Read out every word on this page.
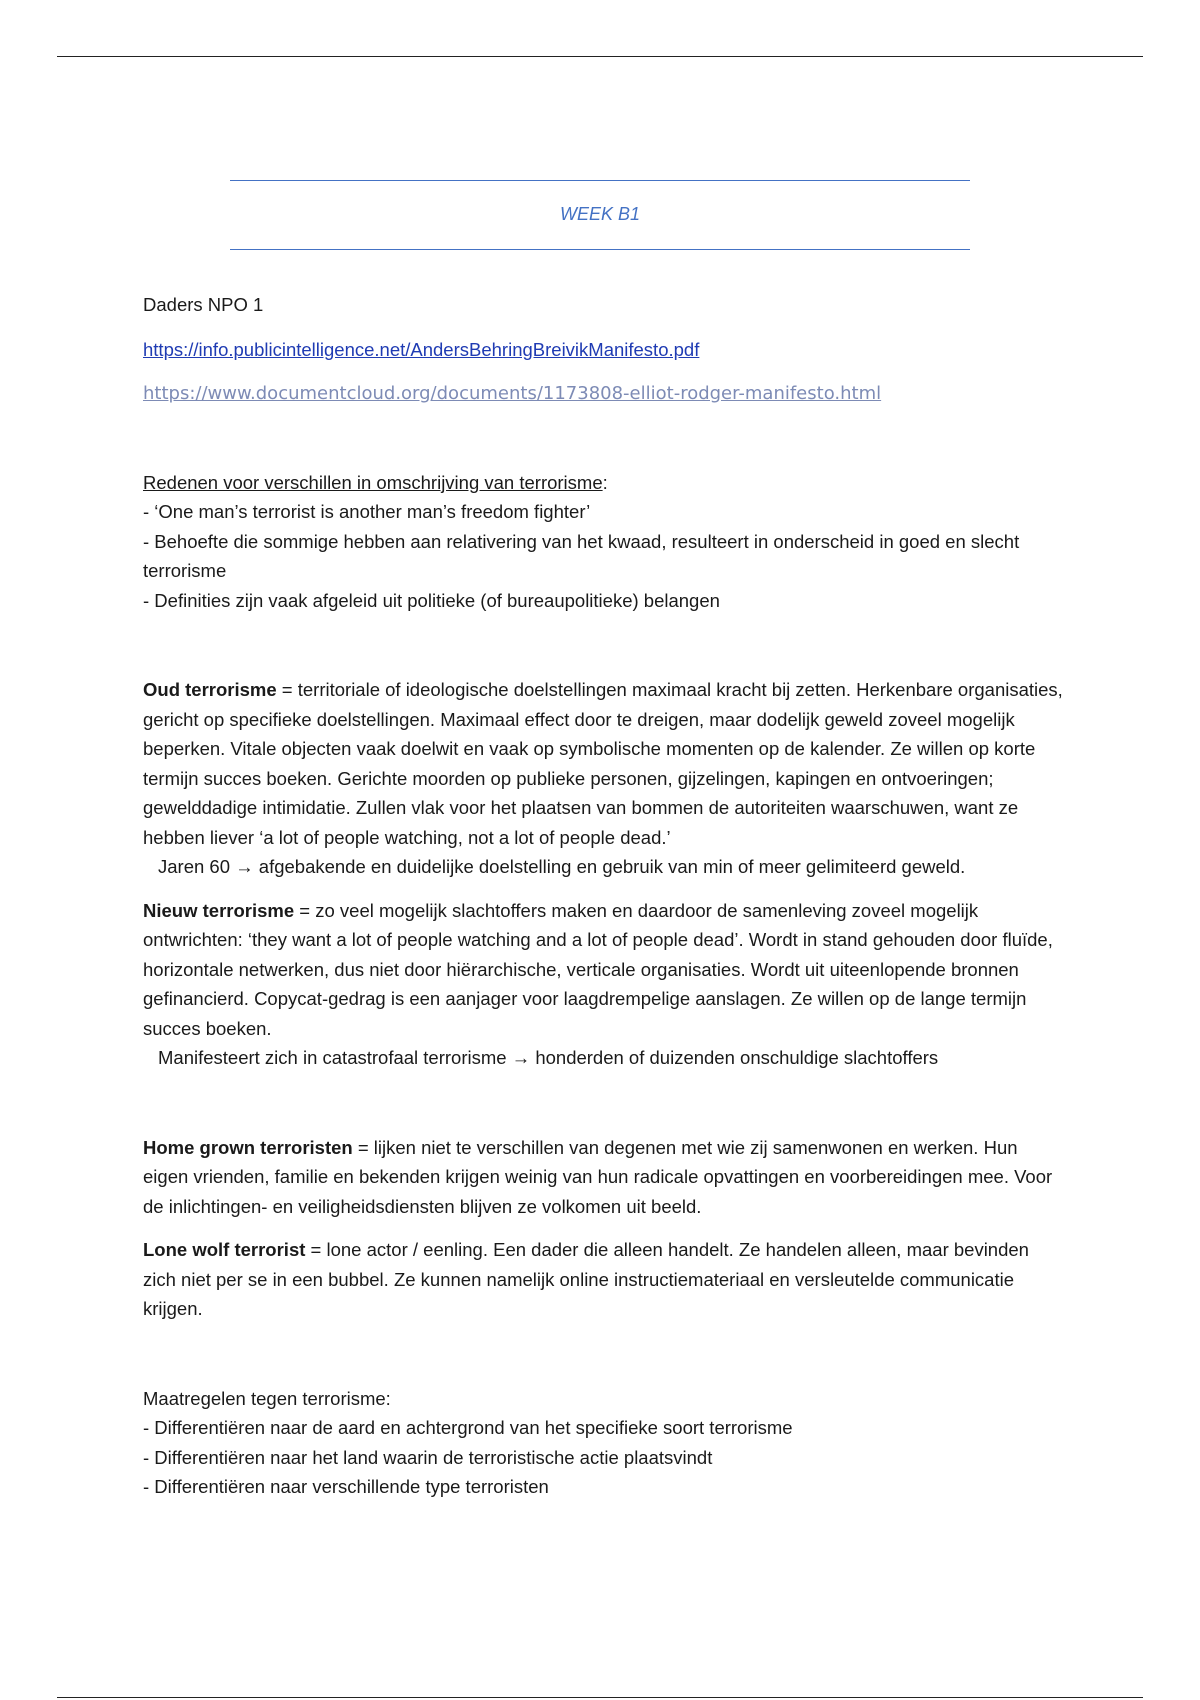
WEEK B1

Daders NPO 1

https://info.publicintelligence.net/AndersBehringBreivikManifesto.pdf

https://www.documentcloud.org/documents/1173808-elliot-rodger-manifesto.html

Redenen voor verschillen in omschrijving van terrorisme:

- ‘One man’s terrorist is another man’s freedom fighter’

- Behoefte die sommige hebben aan relativering van het kwaad, resulteert in onderscheid in goed en slecht terrorisme

- Definities zijn vaak afgeleid uit politieke (of bureaupolitieke) belangen

Oud terrorisme = territoriale of ideologische doelstellingen maximaal kracht bij zetten. Herkenbare organisaties, gericht op specifieke doelstellingen. Maximaal effect door te dreigen, maar dodelijk geweld zoveel mogelijk beperken. Vitale objecten vaak doelwit en vaak op symbolische momenten op de kalender. Ze willen op korte termijn succes boeken. Gerichte moorden op publieke personen, gijzelingen, kapingen en ontvoeringen; gewelddadige intimidatie. Zullen vlak voor het plaatsen van bommen de autoriteiten waarschuwen, want ze hebben liever ‘a lot of people watching, not a lot of people dead.’

Jaren 60 → afgebakende en duidelijke doelstelling en gebruik van min of meer gelimiteerd geweld.

Nieuw terrorisme = zo veel mogelijk slachtoffers maken en daardoor de samenleving zoveel mogelijk ontwrichten: ‘they want a lot of people watching and a lot of people dead’. Wordt in stand gehouden door fluïde, horizontale netwerken, dus niet door hiërarchische, verticale organisaties. Wordt uit uiteenlopende bronnen gefinancierd. Copycat-gedrag is een aanjager voor laagdrempelige aanslagen. Ze willen op de lange termijn succes boeken.

Manifesteert zich in catastrofaal terrorisme → honderden of duizenden onschuldige slachtoffers

Home grown terroristen = lijken niet te verschillen van degenen met wie zij samenwonen en werken. Hun eigen vrienden, familie en bekenden krijgen weinig van hun radicale opvattingen en voorbereidingen mee. Voor de inlichtingen- en veiligheidsdiensten blijven ze volkomen uit beeld.

Lone wolf terrorist = lone actor / eenling. Een dader die alleen handelt. Ze handelen alleen, maar bevinden zich niet per se in een bubbel. Ze kunnen namelijk online instructiemateriaal en versleutelde communicatie krijgen.

Maatregelen tegen terrorisme:

- Differentiëren naar de aard en achtergrond van het specifieke soort terrorisme

- Differentiëren naar het land waarin de terroristische actie plaatsvindt

- Differentiëren naar verschillende type terroristen
